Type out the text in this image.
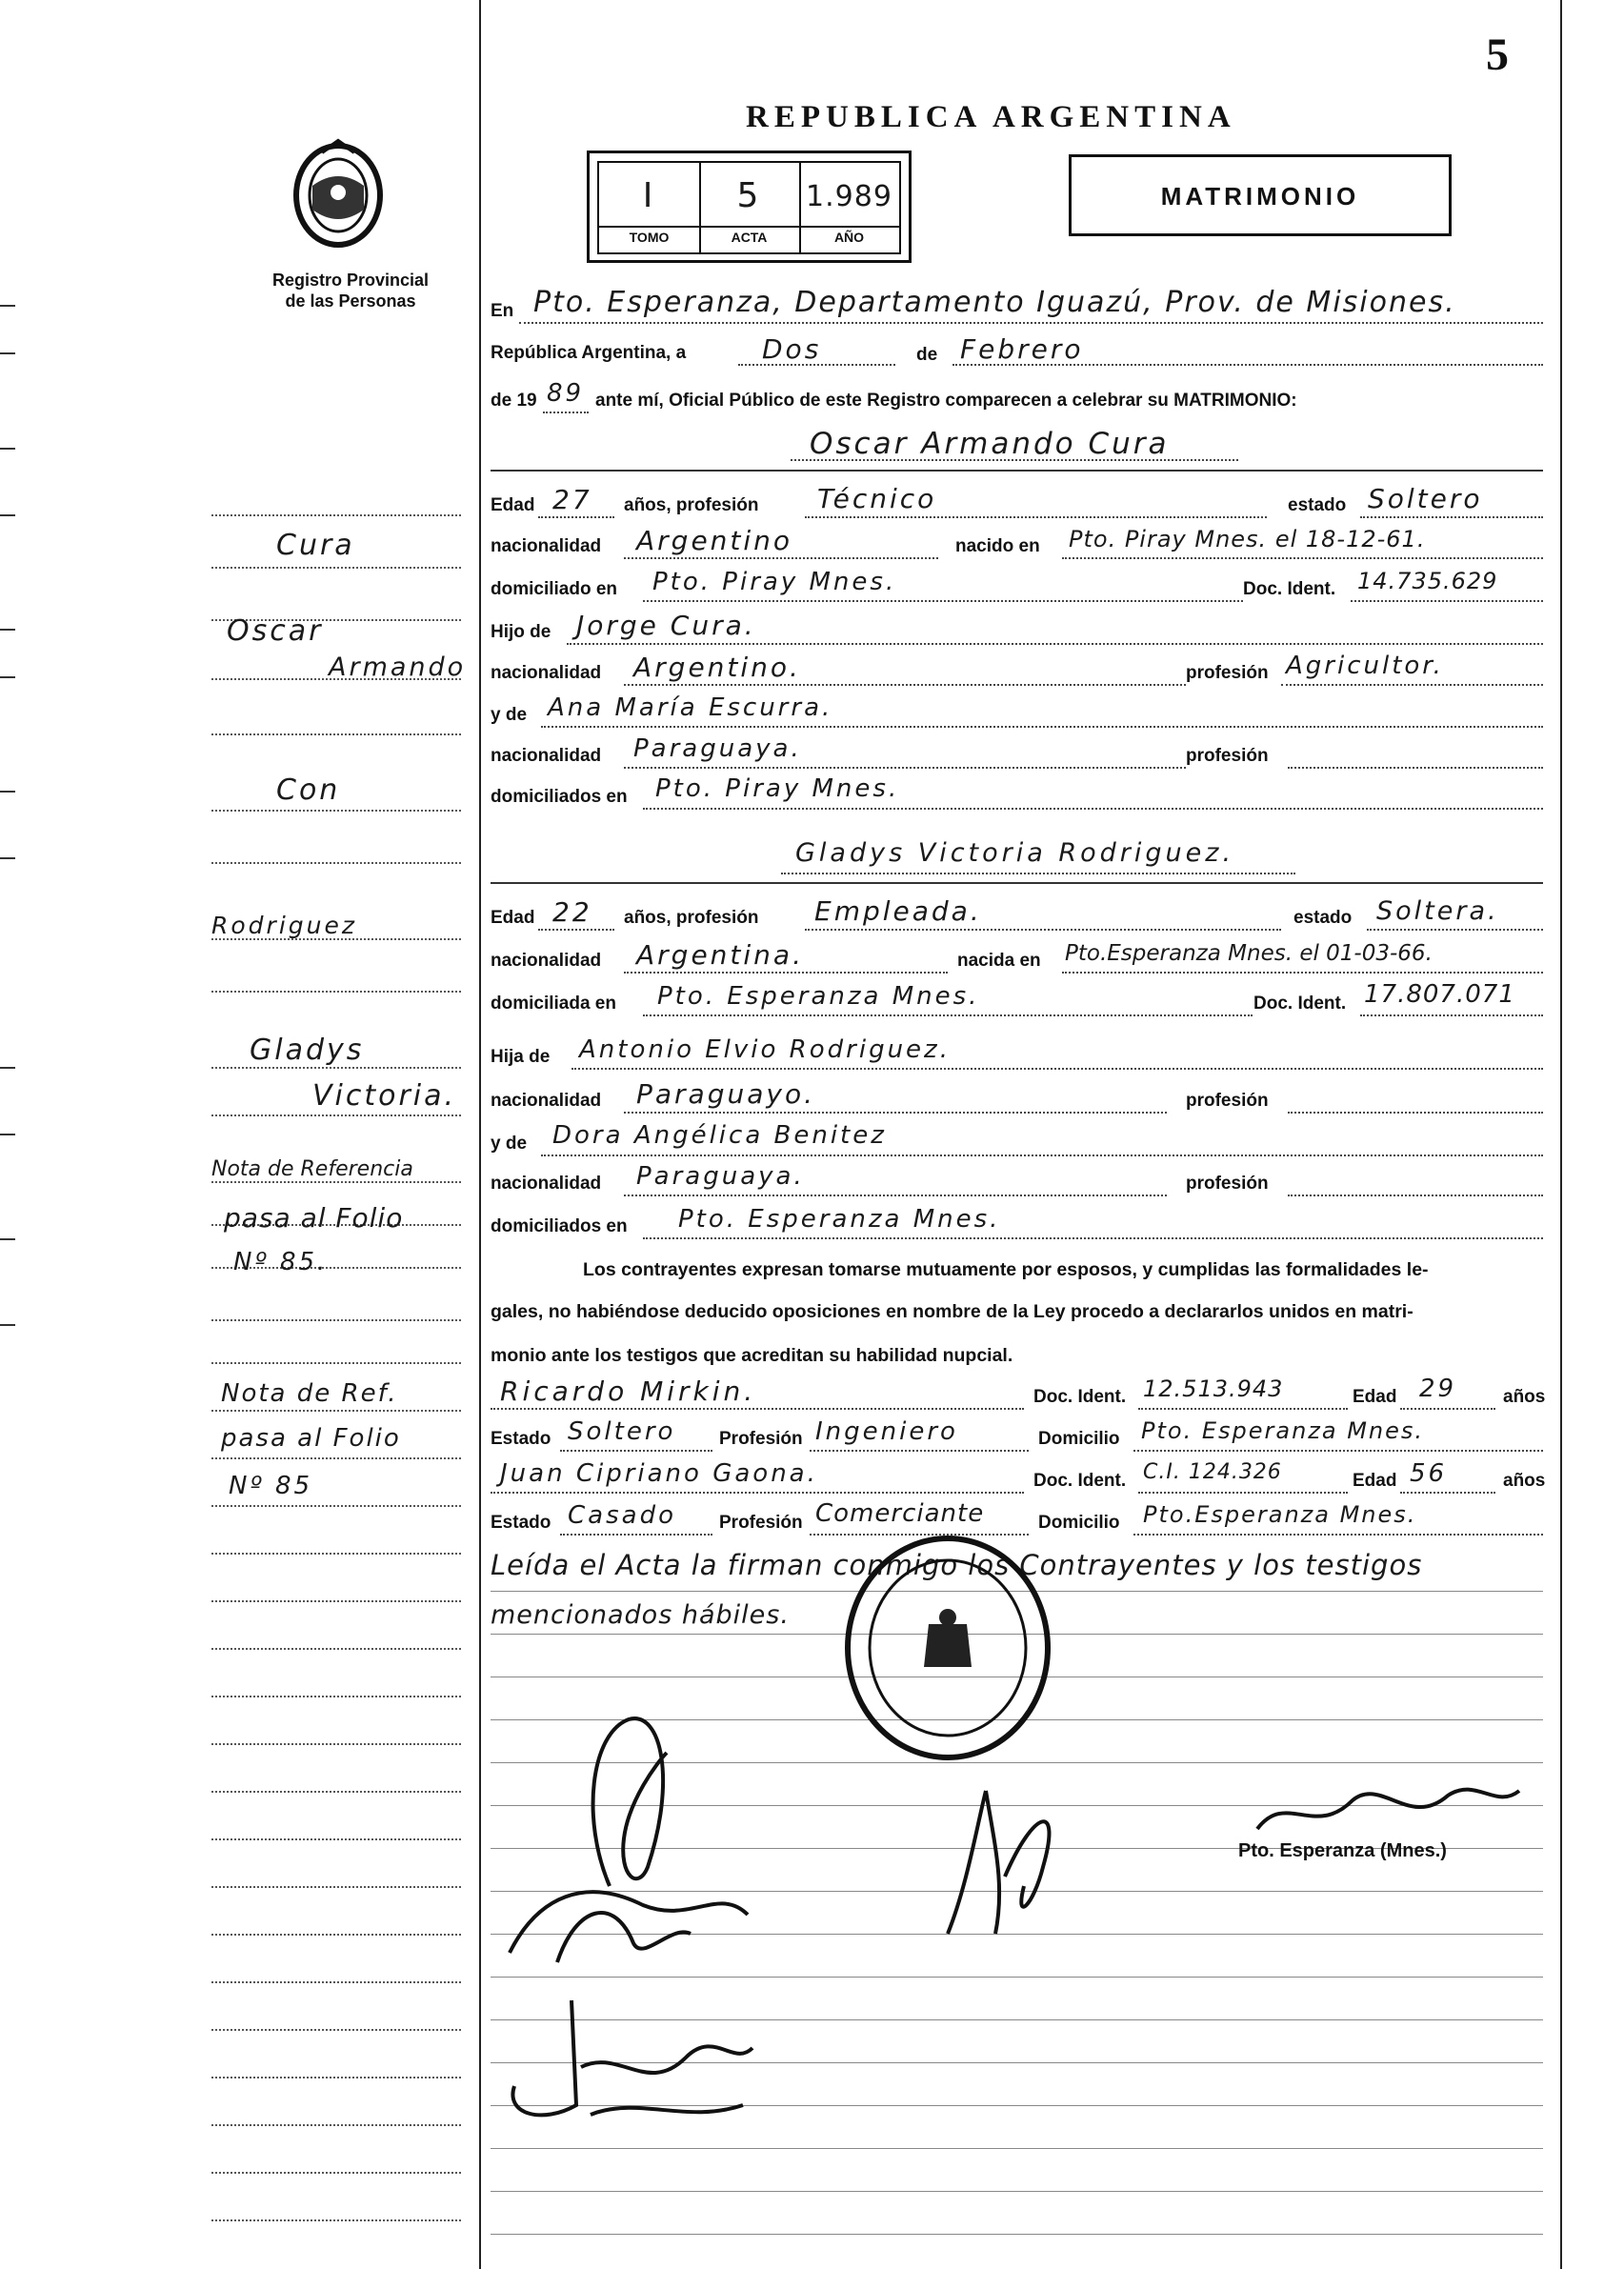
5
Registro Provincial
de las Personas
REPUBLICA ARGENTINA
I	5	1.989
TOMO	ACTA	AÑO
MATRIMONIO
En Pto. Esperanza, Departamento Iguazú, Prov. de Misiones.
República Argentina, a	Dos	de Febrero
de 19 89 ante mí, Oficial Público de este Registro comparecen a celebrar su MATRIMONIO:
Oscar Armando Cura
Edad 27 años, profesión Técnico	estado Soltero
nacionalidad Argentino	nacido en Pto. Piray Mnes. el 18-12-61.
domiciliado en Pto. Piray Mnes.	Doc. Ident. 14.735.629
Hijo de Jorge Cura.
nacionalidad Argentino.	profesión Agricultor.
y de Ana María Escurra.
nacionalidad Paraguaya.	profesión
domiciliados en Pto. Piray Mnes.
Gladys Victoria Rodriguez.
Edad 22 años, profesión Empleada.	estado Soltera.
nacionalidad Argentina.	nacida en Pto.Esperanza Mnes. el 01-03-66.
domiciliada en Pto. Esperanza Mnes.	Doc. Ident. 17.807.071
Hija de Antonio Elvio Rodriguez.
nacionalidad Paraguayo.	profesión
y de Dora Angélica Benitez
nacionalidad Paraguaya.	profesión
domiciliados en Pto. Esperanza Mnes.
Los contrayentes expresan tomarse mutuamente por esposos, y cumplidas las formalidades le-
gales, no habiéndose deducido oposiciones en nombre de la Ley procedo a declararlos unidos en matri-
monio ante los testigos que acreditan su habilidad nupcial.
Ricardo Mirkin.	Doc. Ident. 12.513.943	Edad 29	años
Estado Soltero Profesión Ingeniero	Domicilio Pto. Esperanza Mnes.
Juan Cipriano Gaona.	Doc. Ident. C.I. 124.326	Edad 56	años
Estado Casado Profesión Comerciante	Domicilio Pto.Esperanza Mnes.
Leída el Acta la firman conmigo los Contrayentes y los testigos
mencionados hábiles.
Pto. Esperanza (Mnes.)
Cura
Oscar
Armando
Con
Rodriguez
Gladys
Victoria.
Nota de Referencia
pasa al Folio
Nº 85.
Nota de Ref.
pasa al Folio
Nº 85
